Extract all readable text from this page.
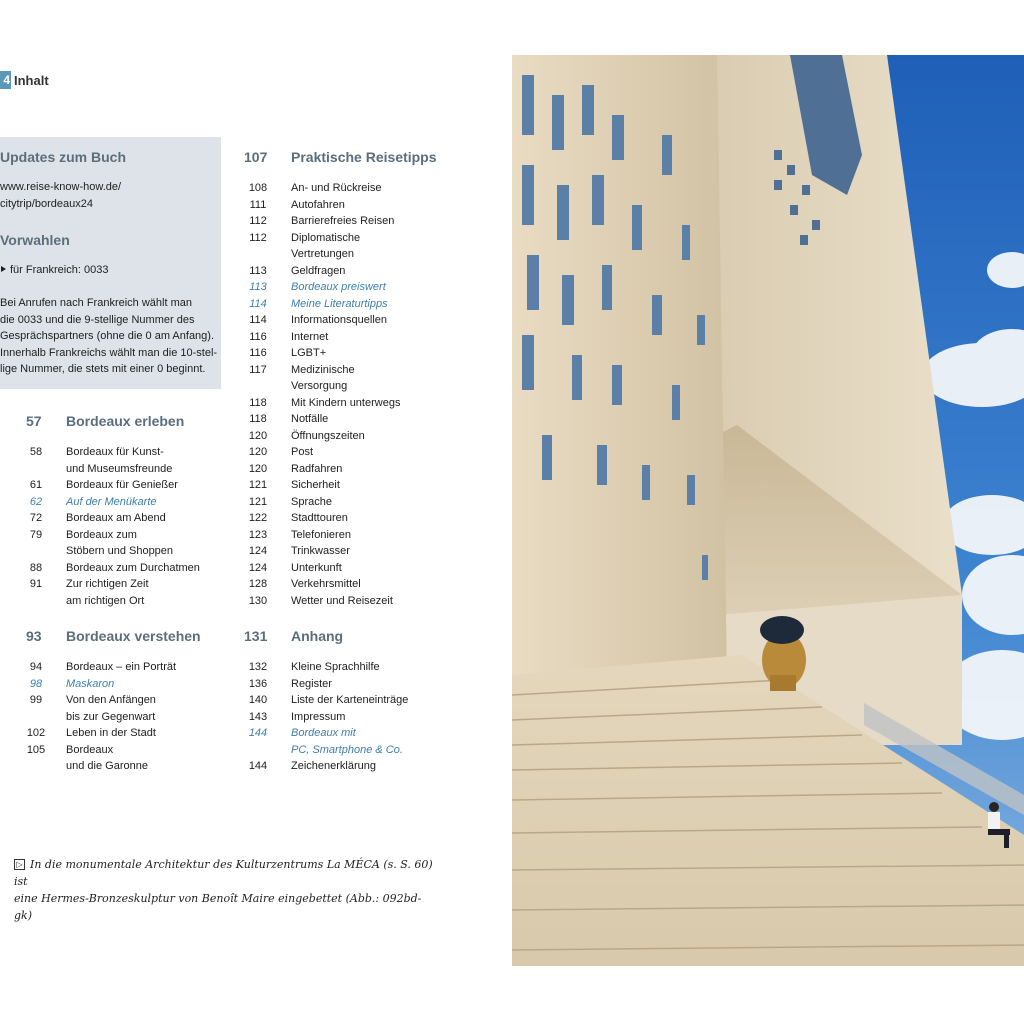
4 Inhalt
Updates zum Buch
www.reise-know-how.de/
citytrip/bordeaux24
Vorwahlen
für Frankreich: 0033
Bei Anrufen nach Frankreich wählt man
die 0033 und die 9-stellige Nummer des
Gesprächspartners (ohne die 0 am Anfang).
Innerhalb Frankreichs wählt man die 10-stel-
lige Nummer, die stets mit einer 0 beginnt.
57 Bordeaux erleben
58	Bordeaux für Kunst-
und Museumsfreunde
61	Bordeaux für Genießer
62	Auf der Menükarte
72	Bordeaux am Abend
79	Bordeaux zum
Stöbern und Shoppen
88	Bordeaux zum Durchatmen
91	Zur richtigen Zeit
am richtigen Ort
93 Bordeaux verstehen
94	Bordeaux – ein Porträt
98	Maskaron
99	Von den Anfängen
bis zur Gegenwart
102 Leben in der Stadt
105 Bordeaux
und die Garonne
107 Praktische Reisetipps
108 An- und Rückreise
111 Autofahren
112 Barrierefreies Reisen
112 Diplomatische
Vertretungen
113 Geldfragen
113 Bordeaux preiswert
114 Meine Literaturtipps
114 Informationsquellen
116 Internet
116 LGBT+
117 Medizinische
Versorgung
118 Mit Kindern unterwegs
118 Notfälle
120 Öffnungszeiten
120 Post
120 Radfahren
121 Sicherheit
121 Sprache
122 Stadttouren
123 Telefonieren
124 Trinkwasser
124 Unterkunft
128 Verkehrsmittel
130 Wetter und Reisezeit
131 Anhang
132 Kleine Sprachhilfe
136 Register
140 Liste der Karteneinträge
143 Impressum
144 Bordeaux mit
PC, Smartphone & Co.
144 Zeichenerklärung
▷ In die monumentale Architektur des Kulturzentrums La MÉCA (s. S. 60) ist
eine Hermes-Bronzeskulptur von Benoît Maire eingebettet (Abb.: 092bd-gk)
